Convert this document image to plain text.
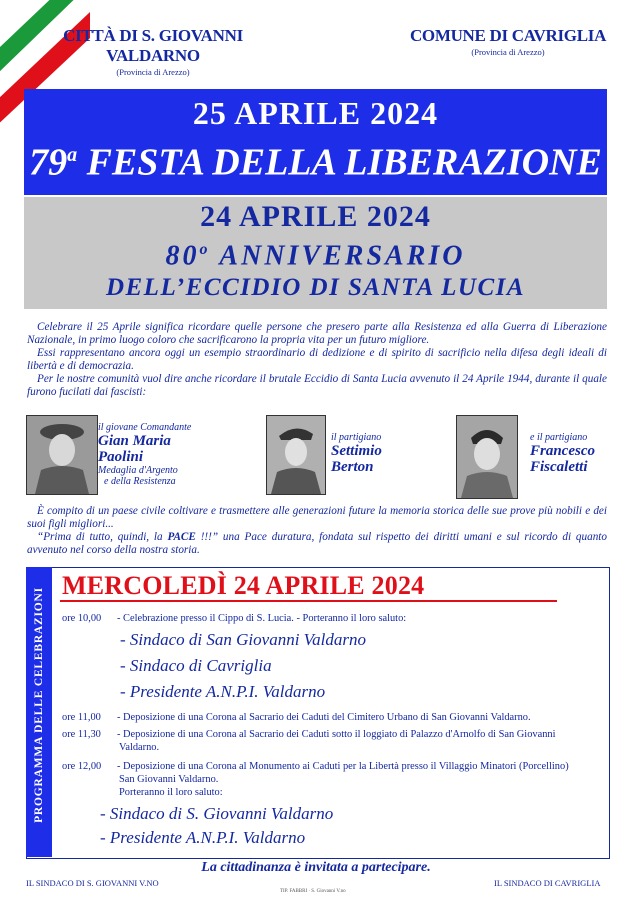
CITTÀ DI S. GIOVANNI VALDARNO
(Provincia di Arezzo)
COMUNE DI CAVRIGLIA
(Provincia di Arezzo)
25 APRILE 2024
79$^a$ FESTA DELLA LIBERAZIONE
24 APRILE 2024
80$^o$ ANNIVERSARIO
DELL’ECCIDIO DI SANTA LUCIA

Celebrare il 25 Aprile significa ricordare quelle persone che presero parte alla Resistenza ed alla Guerra di Liberazione Nazionale, in primo luogo coloro che sacrificarono la propria vita per un futuro migliore.

Essi rappresentano ancora oggi un esempio straordinario di dedizione e di spirito di sacrificio nella difesa degli ideali di libertà e di democrazia.

Per le nostre comunità vuol dire anche ricordare il brutale Eccidio di Santa Lucia avvenuto il 24 Aprile 1944, durante il quale furono fucilati dai fascisti:

il giovane Comandante
Gian Maria
Paolini
Medaglia d'Argento
e della Resistenza
il partigiano
Settimio
Berton
e il partigiano
Francesco
Fiscaletti

È compito di un paese civile coltivare e trasmettere alle generazioni future la memoria storica delle sue prove più nobili e dei suoi figli migliori...

“Prima di tutto, quindi, la PACE !!!” una Pace duratura, fondata sul rispetto dei diritti umani e sul ricordo di quanto avvenuto nel corso della nostra storia.

PROGRAMMA DELLE CELEBRAZIONI
MERCOLEDÌ 24 APRILE 2024
ore 10,00 - Celebrazione presso il Cippo di S. Lucia. - Porteranno il loro saluto:
- Sindaco di San Giovanni Valdarno
- Sindaco di Cavriglia
- Presidente A.N.P.I. Valdarno
ore 11,00 - Deposizione di una Corona al Sacrario dei Caduti del Cimitero Urbano di San Giovanni Valdarno.
ore 11,30 - Deposizione di una Corona al Sacrario dei Caduti sotto il loggiato di Palazzo d'Arnolfo di San Giovanni
Valdarno.
ore 12,00 - Deposizione di una Corona al Monumento ai Caduti per la Libertà presso il Villaggio Minatori (Porcellino)
San Giovanni Valdarno.
Porteranno il loro saluto:
- Sindaco di S. Giovanni Valdarno
- Presidente A.N.P.I. Valdarno
La cittadinanza è invitata a partecipare.
IL SINDACO DI S. GIOVANNI V.NO	IL SINDACO DI CAVRIGLIA
TIP. FABBRI · S. Giovanni V.no
